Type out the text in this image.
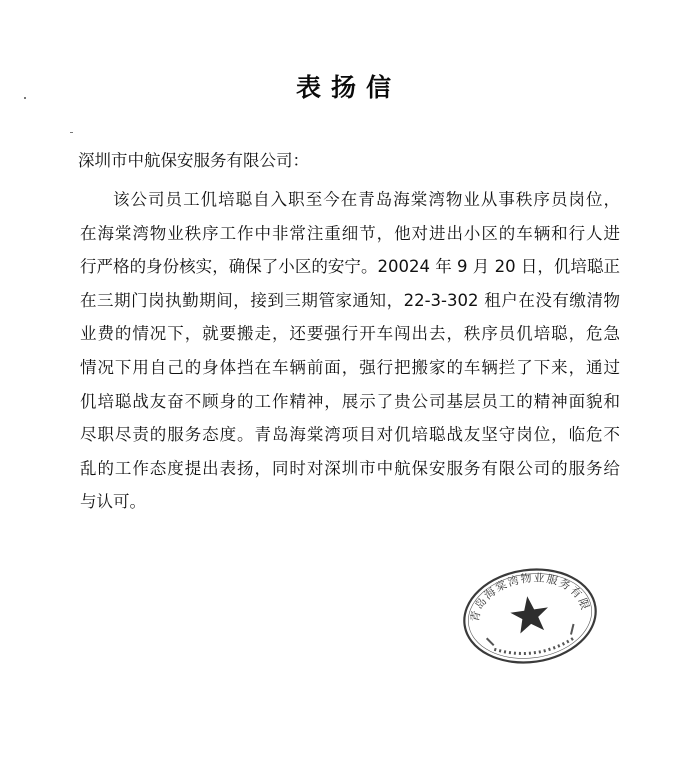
表扬信
深圳市中航保安服务有限公司：
该公司员工仉培聪自入职至今在青岛海棠湾物业从事秩序员岗位，
在海棠湾物业秩序工作中非常注重细节，他对进出小区的车辆和行人进
行严格的身份核实，确保了小区的安宁。20024 年 9 月 20 日，仉培聪正
在三期门岗执勤期间，接到三期管家通知，22-3-302 租户在没有缴清物
业费的情况下，就要搬走，还要强行开车闯出去，秩序员仉培聪，危急
情况下用自己的身体挡在车辆前面，强行把搬家的车辆拦了下来，通过
仉培聪战友奋不顾身的工作精神，展示了贵公司基层员工的精神面貌和
尽职尽责的服务态度。青岛海棠湾项目对仉培聪战友坚守岗位，临危不
乱的工作态度提出表扬，同时对深圳市中航保安服务有限公司的服务给
与认可。
青岛海棠湾物业服务有限公司
